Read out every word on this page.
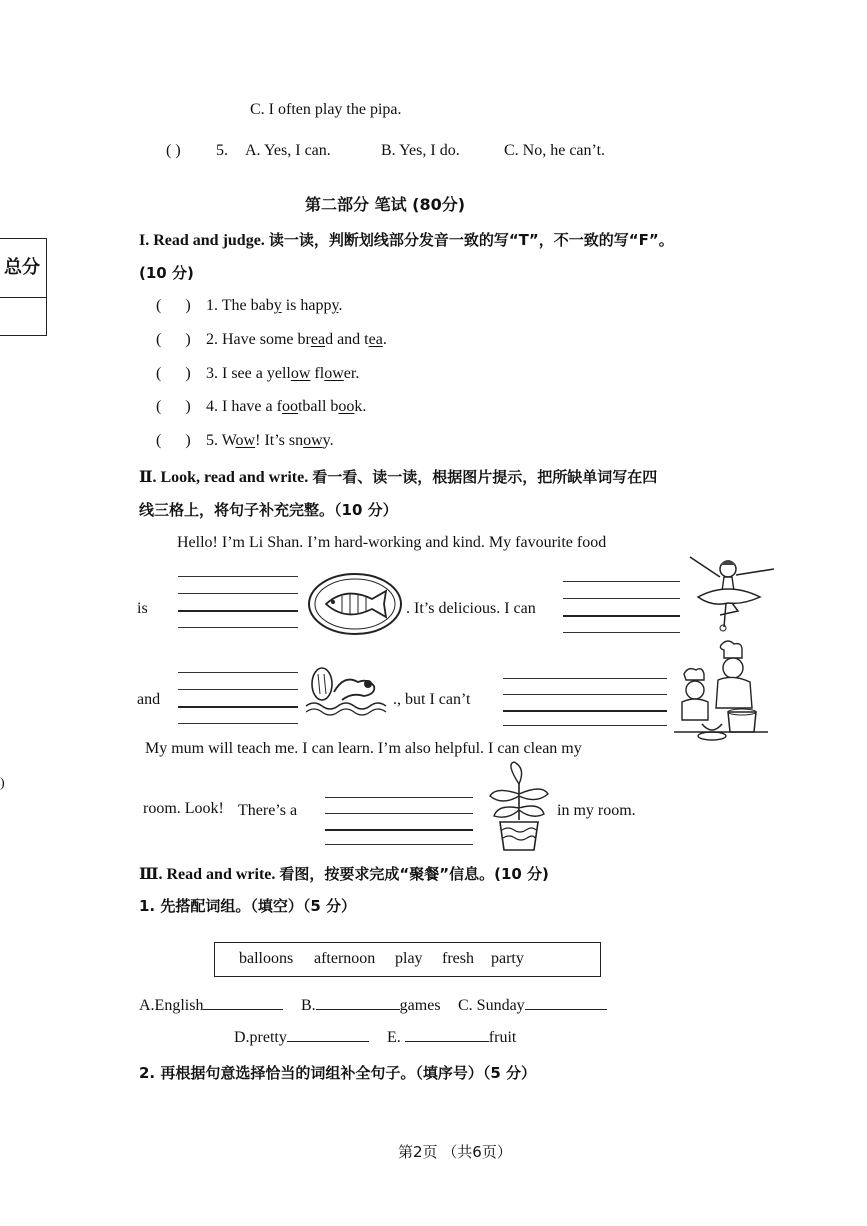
C. I often play the pipa.
( ) 5. A. Yes, I can.	B. Yes, I do.	C. No, he can’t.
第二部分 笔试 (80分)
总分
)
I. Read and judge. 读一读，判断划线部分发音一致的写“T”，不一致的写“F”。
(10 分)
(      ) 1. The baby is happy.
(      ) 2. Have some bread and tea.
(      ) 3. I see a yellow flower.
(      ) 4. I have a football book.
(      ) 5. Wow! It’s snowy.
Ⅱ. Look, read and write. 看一看、读一读，根据图片提示，把所缺单词写在四
线三格上，将句子补充完整。（10 分）
Hello! I’m Li Shan. I’m hard-working and kind. My favourite food
is	. It’s delicious. I can
and	., but I can’t
My mum will teach me. I can learn. I’m also helpful. I can clean my
room. Look! There’s a	in my room.
Ⅲ. Read and write. 看图，按要求完成“聚餐”信息。(10 分)
1. 先搭配词组。（填空）（5 分）
balloons afternoon play fresh party
A.English	B.	games C. Sunday
D.pretty	E.	fruit
2. 再根据句意选择恰当的词组补全句子。（填序号）（5 分）
第2页 （共6页）
